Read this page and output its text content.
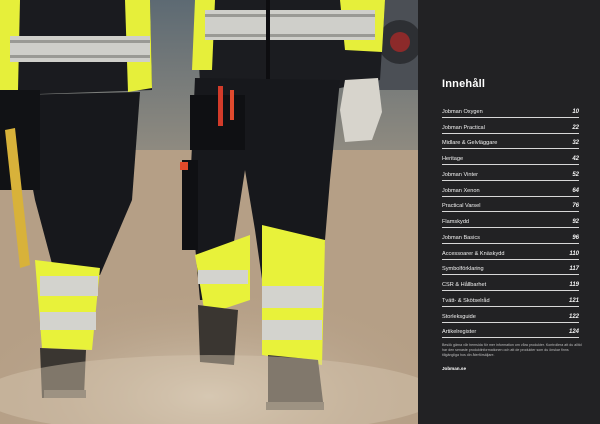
Innehåll
Jobman Oxygen	10
Jobman Practical	22
Midlare & Gelvläggare	32
Heritage	42
Jobman Vinter	52
Jobman Xenon	64
Practical Varsel	76
Flamskydd	92
Jobman Basics	96
Accessoarer & Knäskydd	110
Symbolförklaring	117
CSR & Hållbarhet	119
Tvätt- & Skötselråd	121
Storleksguide	122
Artikelregister	124
Besök gärna vår hemsida för mer information om våra produkter. Kontrollera att du alltid har den senaste produktinformationen och att de produkter som du önskar finns tillgängliga hos din återförsäljare.
Jobman.se
